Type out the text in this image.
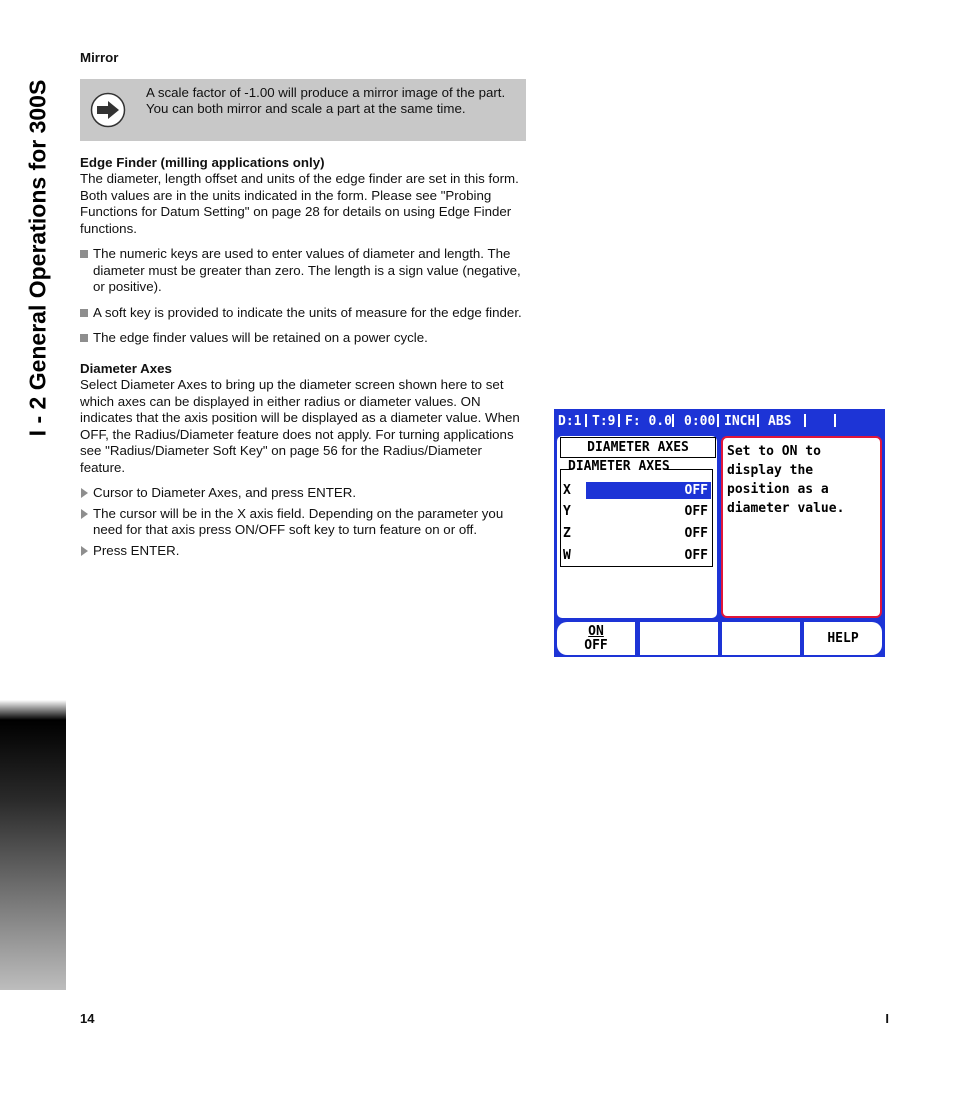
I - 2 General Operations for 300S
Mirror
A scale factor of -1.00 will produce a mirror image of the part. You can both mirror and scale a part at the same time.
Edge Finder (milling applications only)

The diameter, length offset and units of the edge finder are set in this form. Both values are in the units indicated in the form. Please see "Probing Functions for Datum Setting" on page 28 for details on using Edge Finder functions.

The numeric keys are used to enter values of diameter and length. The diameter must be greater than zero. The length is a sign value (negative, or positive).
A soft key is provided to indicate the units of measure for the edge finder.
The edge finder values will be retained on a power cycle.
Diameter Axes

Select Diameter Axes to bring up the diameter screen shown here to set which axes can be displayed in either radius or diameter values. ON indicates that the axis position will be displayed as a diameter value. When OFF, the Radius/Diameter feature does not apply. For turning applications see "Radius/Diameter Soft Key" on page 56 for the Radius/Diameter feature.

Cursor to Diameter Axes, and press ENTER.
The cursor will be in the X axis field. Depending on the parameter you need for that axis press ON/OFF soft key to turn feature on or off.
Press ENTER.
D:1 T:9 F: 0.0 0:00 INCH ABS
DIAMETER AXES
DIAMETER AXES
X	OFF
Y	OFF
Z	OFF
W	OFF
Set to ON to display the position as a diameter value.
ON
OFF	HELP
14	I
